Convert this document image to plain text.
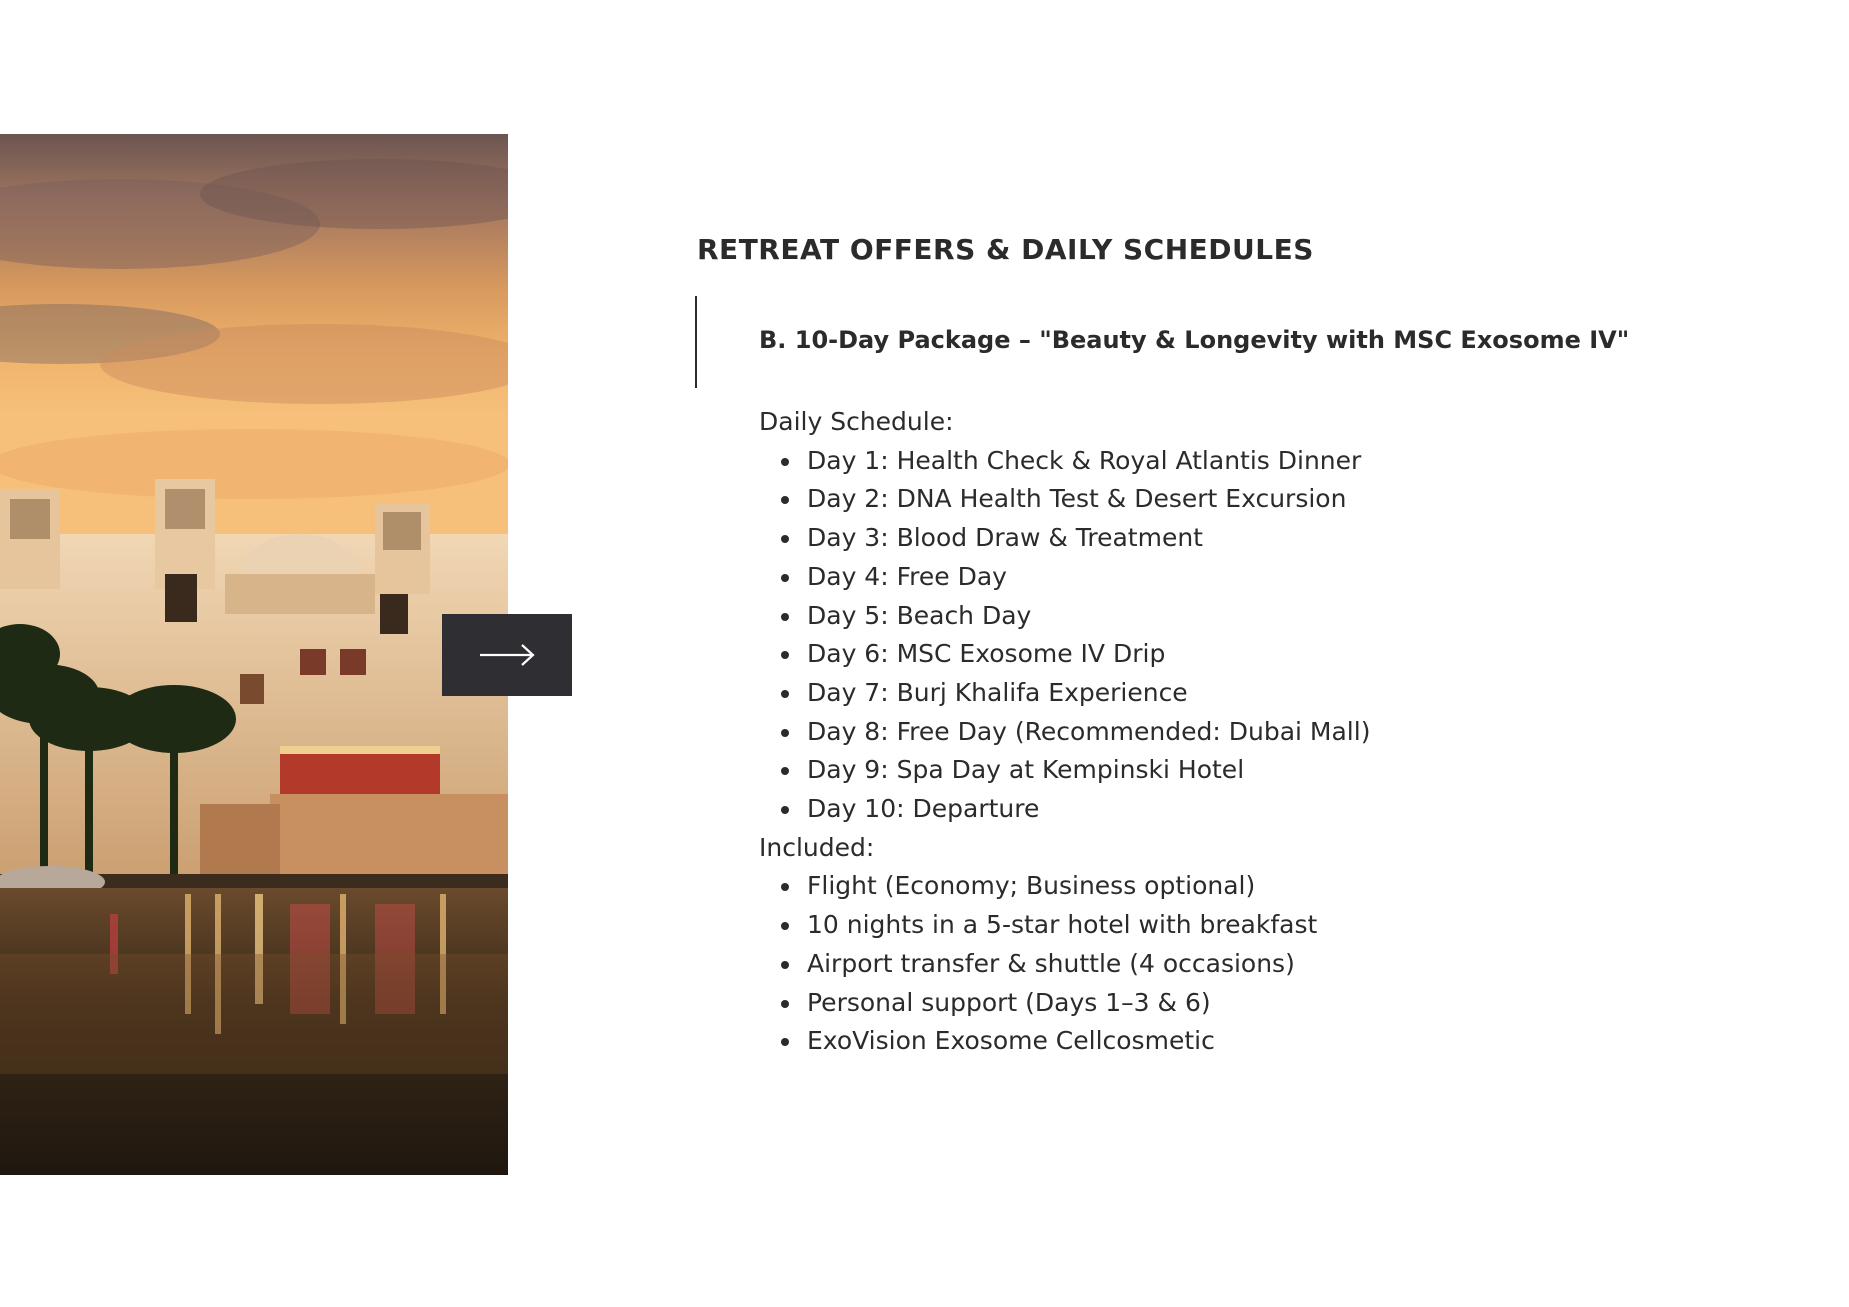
RETREAT OFFERS & DAILY SCHEDULES
B. 10-Day Package – "Beauty & Longevity with MSC Exosome IV"
Daily Schedule:
Day 1: Health Check & Royal Atlantis Dinner
Day 2: DNA Health Test & Desert Excursion
Day 3: Blood Draw & Treatment
Day 4: Free Day
Day 5: Beach Day
Day 6: MSC Exosome IV Drip
Day 7: Burj Khalifa Experience
Day 8: Free Day (Recommended: Dubai Mall)
Day 9: Spa Day at Kempinski Hotel
Day 10: Departure
Included:
Flight (Economy; Business optional)
10 nights in a 5-star hotel with breakfast
Airport transfer & shuttle (4 occasions)
Personal support (Days 1–3 & 6)
ExoVision Exosome Cellcosmetic
